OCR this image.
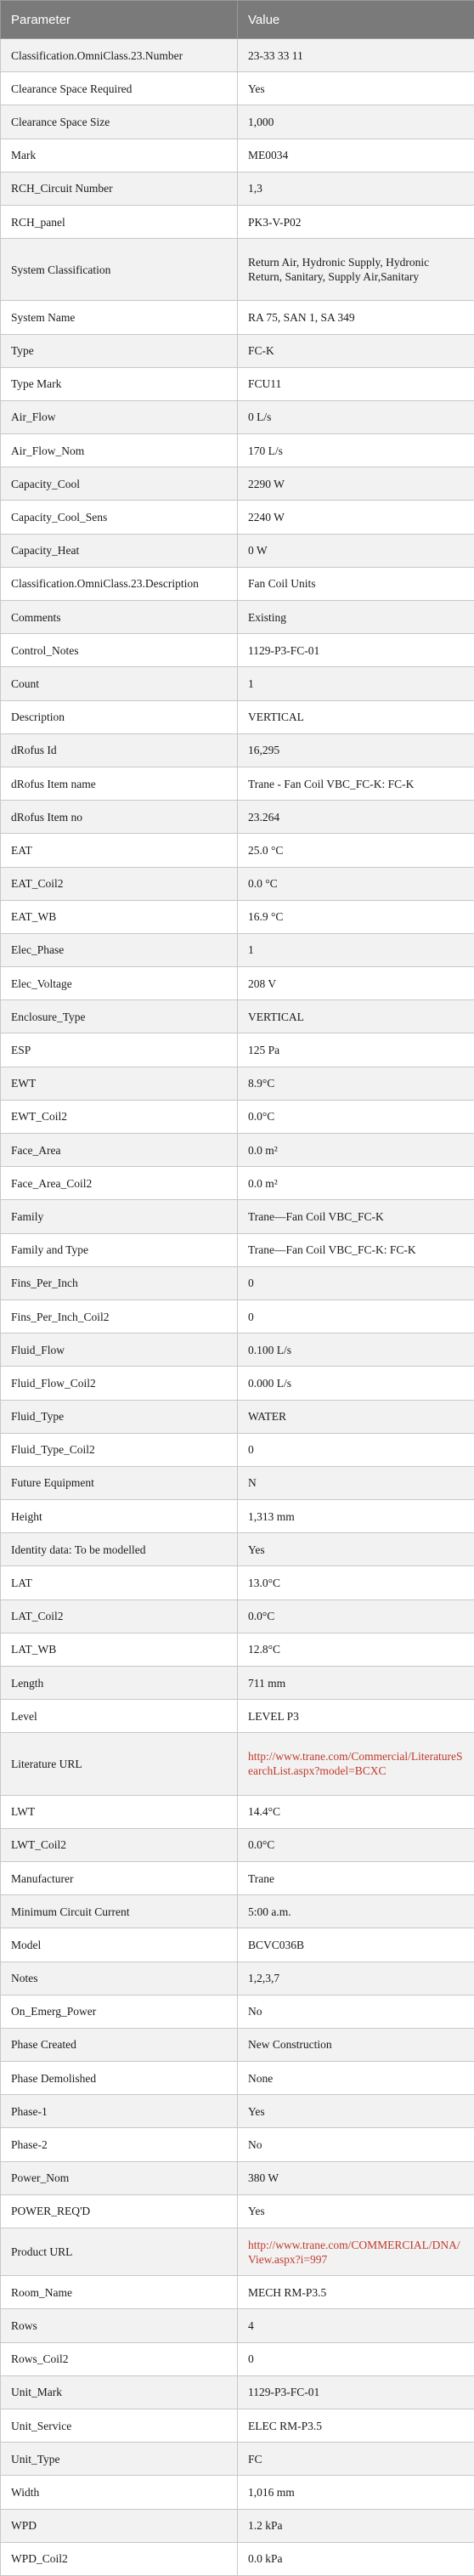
Parameter	Value
Classification.OmniClass.23.Number	23-33 33 11
Clearance Space Required	Yes
Clearance Space Size	1,000
Mark	ME0034
RCH_Circuit Number	1,3
RCH_panel	PK3-V-P02
System Classification	Return Air, Hydronic Supply, Hydronic Return, Sanitary, Supply Air,Sanitary
System Name	RA 75, SAN 1, SA 349
Type	FC-K
Type Mark	FCU11
Air_Flow	0 L/s
Air_Flow_Nom	170 L/s
Capacity_Cool	2290 W
Capacity_Cool_Sens	2240 W
Capacity_Heat	0 W
Classification.OmniClass.23.Description	Fan Coil Units
Comments	Existing
Control_Notes	1129-P3-FC-01
Count	1
Description	VERTICAL
dRofus Id	16,295
dRofus Item name	Trane - Fan Coil VBC_FC-K: FC-K
dRofus Item no	23.264
EAT	25.0 °C
EAT_Coil2	0.0 °C
EAT_WB	16.9 °C
Elec_Phase	1
Elec_Voltage	208 V
Enclosure_Type	VERTICAL
ESP	125 Pa
EWT	8.9°C
EWT_Coil2	0.0°C
Face_Area	0.0 m²
Face_Area_Coil2	0.0 m²
Family	Trane—Fan Coil VBC_FC-K
Family and Type	Trane—Fan Coil VBC_FC-K: FC-K
Fins_Per_Inch	0
Fins_Per_Inch_Coil2	0
Fluid_Flow	0.100 L/s
Fluid_Flow_Coil2	0.000 L/s
Fluid_Type	WATER
Fluid_Type_Coil2	0
Future Equipment	N
Height	1,313 mm
Identity data: To be modelled	Yes
LAT	13.0°C
LAT_Coil2	0.0°C
LAT_WB	12.8°C
Length	711 mm
Level	LEVEL P3
Literature URL	http://www.trane.com/Commercial/LiteratureSearchList.aspx?model=BCXC
LWT	14.4°C
LWT_Coil2	0.0°C
Manufacturer	Trane
Minimum Circuit Current	5:00 a.m.
Model	BCVC036B
Notes	1,2,3,7
On_Emerg_Power	No
Phase Created	New Construction
Phase Demolished	None
Phase-1	Yes
Phase-2	No
Power_Nom	380 W
POWER_REQ'D	Yes
Product URL	http://www.trane.com/COMMERCIAL/DNA/View.aspx?i=997
Room_Name	MECH RM-P3.5
Rows	4
Rows_Coil2	0
Unit_Mark	1129-P3-FC-01
Unit_Service	ELEC RM-P3.5
Unit_Type	FC
Width	1,016 mm
WPD	1.2 kPa
WPD_Coil2	0.0 kPa
